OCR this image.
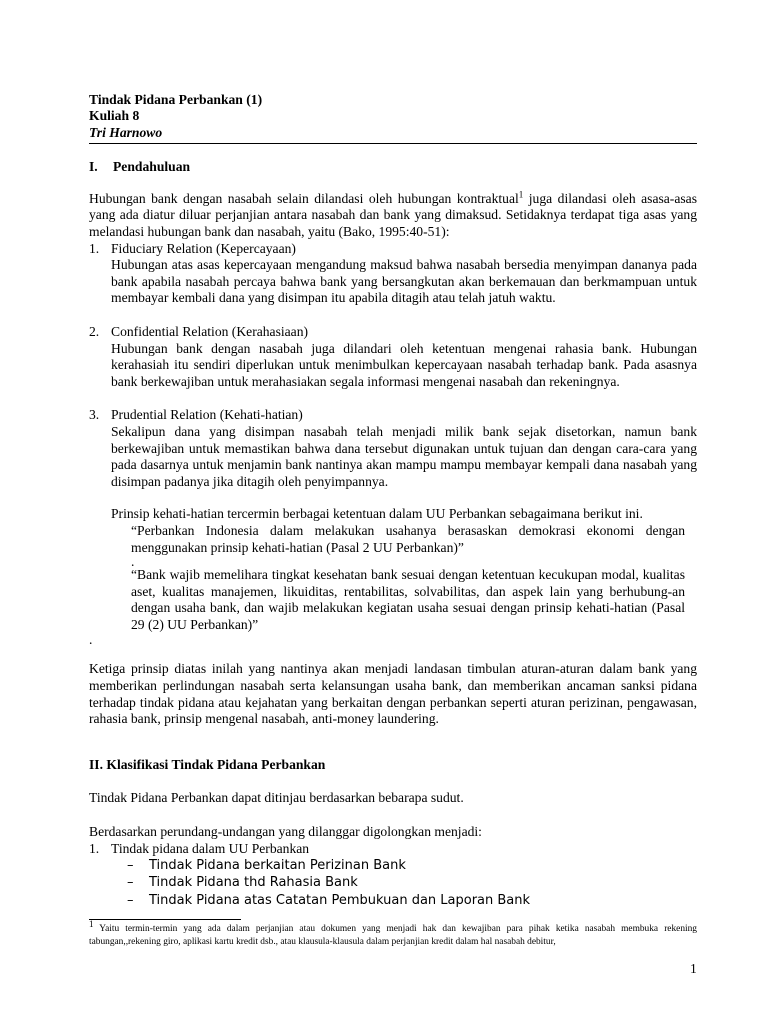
Tindak Pidana Perbankan (1)
Kuliah 8
Tri Harnowo
I.	Pendahuluan
Hubungan bank dengan nasabah selain dilandasi oleh hubungan kontraktual$^1$ juga dilandasi oleh asasa-asas yang ada diatur diluar perjanjian antara nasabah dan bank yang dimaksud. Setidaknya terdapat tiga asas yang melandasi hubungan bank dan nasabah, yaitu (Bako, 1995:40-51):
1. Fiduciary Relation (Kepercayaan)
Hubungan atas asas kepercayaan mengandung maksud bahwa nasabah bersedia menyimpan dananya pada bank apabila nasabah percaya bahwa bank yang bersangkutan akan berkemauan dan berkmampuan untuk membayar kembali dana yang disimpan itu apabila ditagih atau telah jatuh waktu.
2. Confidential Relation (Kerahasiaan)
Hubungan bank dengan nasabah juga dilandari oleh ketentuan mengenai rahasia bank. Hubungan kerahasiah itu sendiri diperlukan untuk menimbulkan kepercayaan nasabah terhadap bank. Pada asasnya bank berkewajiban untuk merahasiakan segala informasi mengenai nasabah dan rekeningnya.
3. Prudential Relation (Kehati-hatian)
Sekalipun dana yang disimpan nasabah telah menjadi milik bank sejak disetorkan, namun bank berkewajiban untuk memastikan bahwa dana tersebut digunakan untuk tujuan dan dengan cara-cara yang pada dasarnya untuk menjamin bank nantinya akan mampu mampu membayar kempali dana nasabah yang disimpan padanya jika ditagih oleh penyimpannya.
Prinsip kehati-hatian tercermin berbagai ketentuan dalam UU Perbankan sebagaimana berikut ini.
“Perbankan Indonesia dalam melakukan usahanya berasaskan demokrasi ekonomi dengan menggunakan prinsip kehati-hatian (Pasal 2 UU Perbankan)”
.
“Bank wajib memelihara tingkat kesehatan bank sesuai dengan ketentuan kecukupan modal, kualitas aset, kualitas manajemen, likuiditas, rentabilitas, solvabilitas, dan aspek lain yang berhubung-an dengan usaha bank, dan wajib melakukan kegiatan usaha sesuai dengan prinsip kehati-hatian (Pasal 29 (2) UU Perbankan)”
.
Ketiga prinsip diatas inilah yang nantinya akan menjadi landasan timbulan aturan-aturan dalam bank yang memberikan perlindungan nasabah serta kelansungan usaha bank, dan memberikan ancaman sanksi pidana terhadap tindak pidana atau kejahatan yang berkaitan dengan perbankan seperti aturan perizinan, pengawasan, rahasia bank, prinsip mengenal nasabah, anti-money laundering.
II. Klasifikasi Tindak Pidana Perbankan
Tindak Pidana Perbankan dapat ditinjau berdasarkan bebarapa sudut.
Berdasarkan perundang-undangan yang dilanggar digolongkan menjadi:
1. Tindak pidana dalam UU Perbankan
–	Tindak Pidana berkaitan Perizinan Bank
–	Tindak Pidana thd Rahasia Bank
–	Tindak Pidana atas Catatan Pembukuan dan Laporan Bank
$^1$ Yaitu termin-termin yang ada dalam perjanjian atau dokumen yang menjadi hak dan kewajiban para pihak ketika nasabah membuka rekening tabungan,,rekening giro, aplikasi kartu kredit dsb., atau klausula-klausula dalam perjanjian kredit dalam hal nasabah debitur,
1
